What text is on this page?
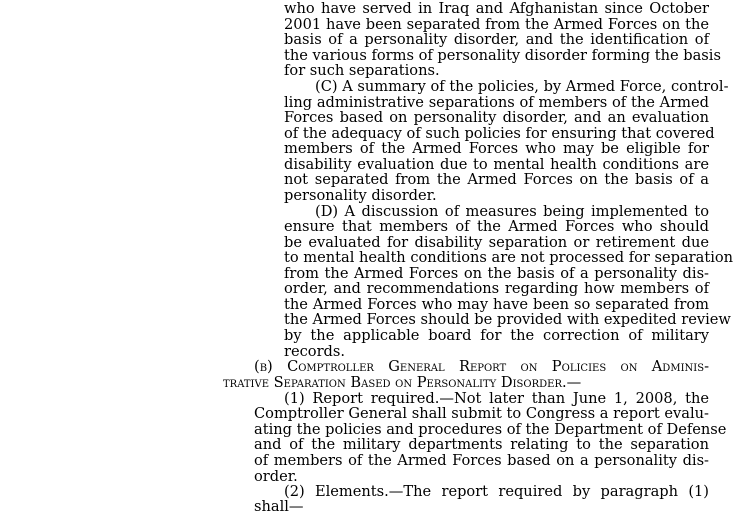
who have served in Iraq and Afghanistan since October
2001 have been separated from the Armed Forces on the
basis of a personality disorder, and the identification of
the various forms of personality disorder forming the basis
for such separations.
(C) A summary of the policies, by Armed Force, control-
ling administrative separations of members of the Armed
Forces based on personality disorder, and an evaluation
of the adequacy of such policies for ensuring that covered
members of the Armed Forces who may be eligible for
disability evaluation due to mental health conditions are
not separated from the Armed Forces on the basis of a
personality disorder.
(D) A discussion of measures being implemented to
ensure that members of the Armed Forces who should
be evaluated for disability separation or retirement due
to mental health conditions are not processed for separation
from the Armed Forces on the basis of a personality dis-
order, and recommendations regarding how members of
the Armed Forces who may have been so separated from
the Armed Forces should be provided with expedited review
by the applicable board for the correction of military
records.
(b) Comptroller General Report on Policies on Adminis-
trative Separation Based on Personality Disorder.—
(1) Report required.—Not later than June 1, 2008, the
Comptroller General shall submit to Congress a report evalu-
ating the policies and procedures of the Department of Defense
and of the military departments relating to the separation
of members of the Armed Forces based on a personality dis-
order.
(2) Elements.—The report required by paragraph (1)
shall—
